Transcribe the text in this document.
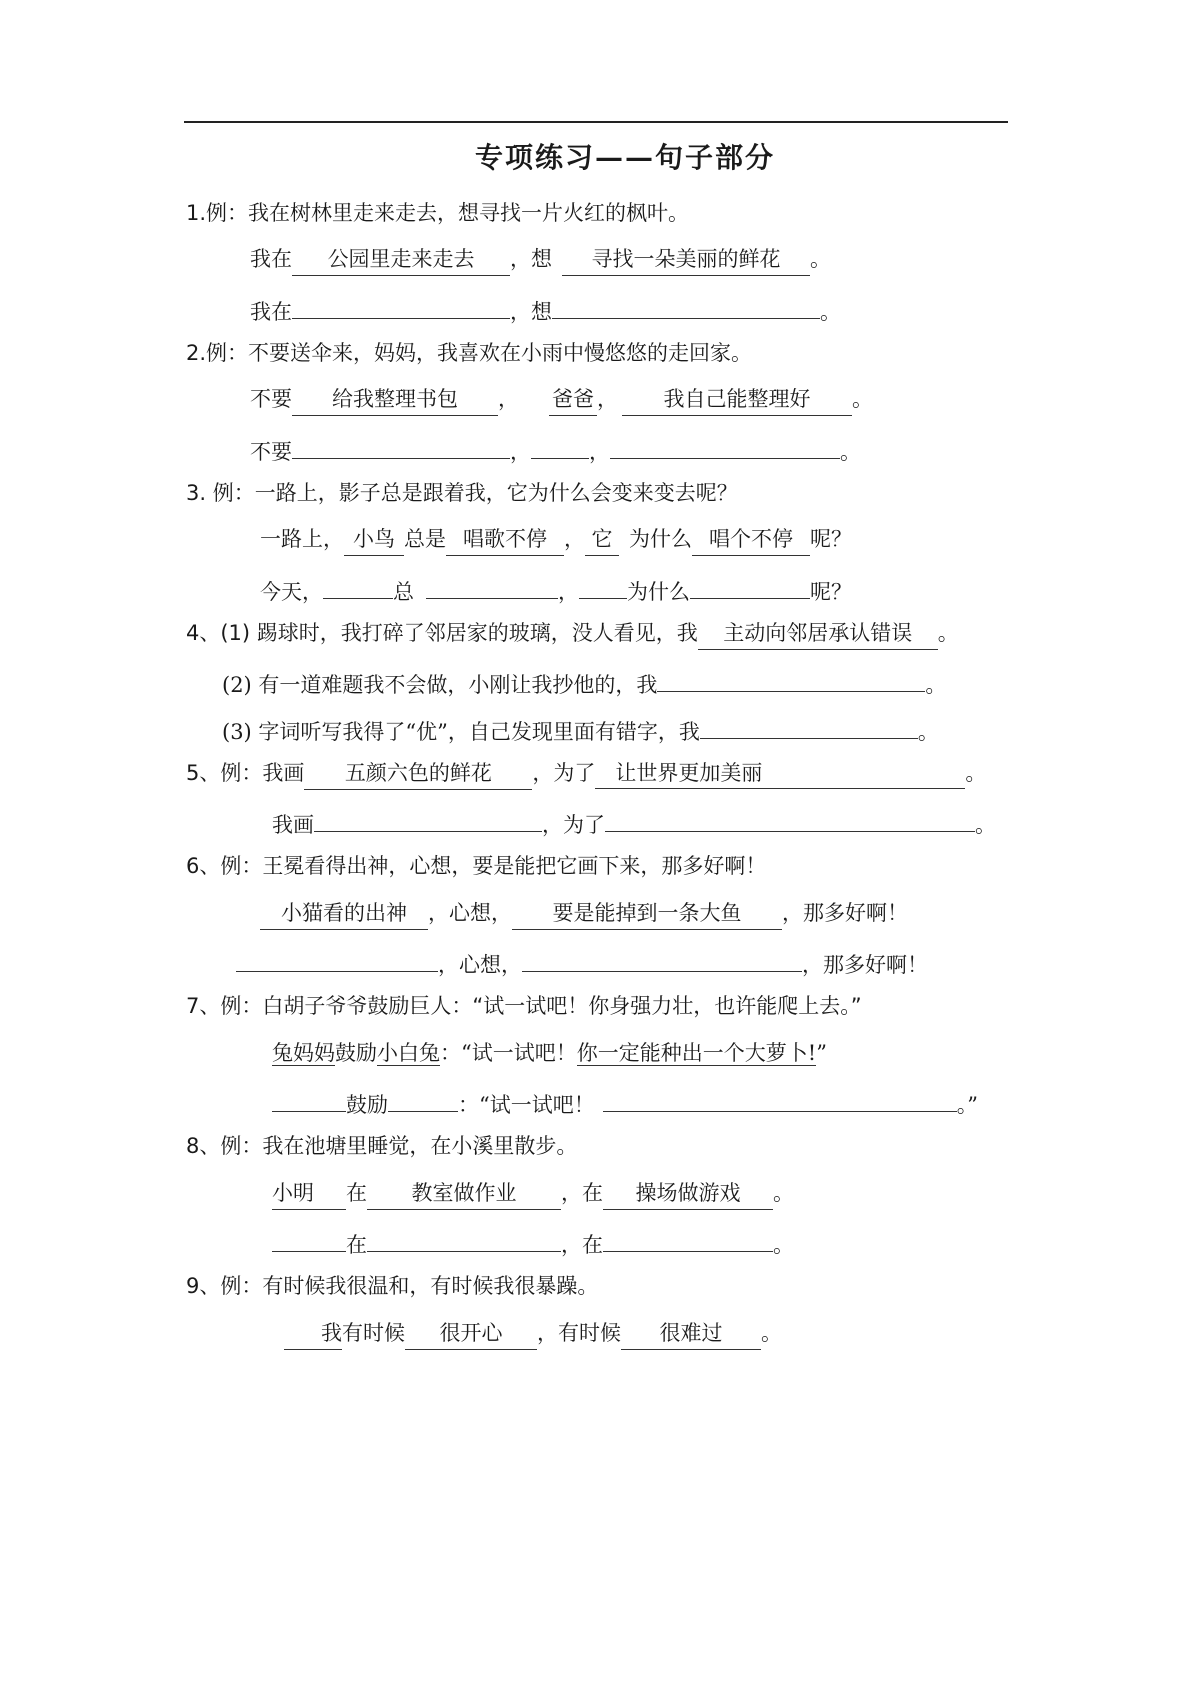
专项练习——句子部分
1.例：我在树林里走来走去，想寻找一片火红的枫叶。
我在 公园里走来走去 ，想 寻找一朵美丽的鲜花 。
我在	，想	。
2.例：不要送伞来，妈妈，我喜欢在小雨中慢悠悠的走回家。
不要 给我整理书包 ， 爸爸 ， 我自己能整理好 。
不要	，	，	。
3. 例：一路上，影子总是跟着我，它为什么会变来变去呢？
一路上， 小鸟 总是 唱歌不停 ， 它 为什么 唱个不停 呢？
今天，	总	， 为什么	呢？
4、(1) 踢球时，我打碎了邻居家的玻璃，没人看见，我 主动向邻居承认错误 。
(2) 有一道难题我不会做，小刚让我抄他的，我	。
(3) 字词听写我得了“优”，自己发现里面有错字，我	。
5、例：我画 五颜六色的鲜花 ，为了 让世界更加美丽	。
我画	，为了	。
6、例：王冕看得出神，心想，要是能把它画下来，那多好啊！
小猫看的出神 ，心想， 要是能掉到一条大鱼 ，那多好啊！
，心想，	，那多好啊！
7、例：白胡子爷爷鼓励巨人：“试一试吧！你身强力壮，也许能爬上去。”
兔妈妈鼓励小白兔：“试一试吧！你一定能种出一个大萝卜!”
鼓励	：“试一试吧！	。”
8、例：我在池塘里睡觉，在小溪里散步。
小明 在 教室做作业 ，在 操场做游戏 。
在	，在	。
9、例：有时候我很温和，有时候我很暴躁。
我有时候 很开心 ，有时候 很难过 。
